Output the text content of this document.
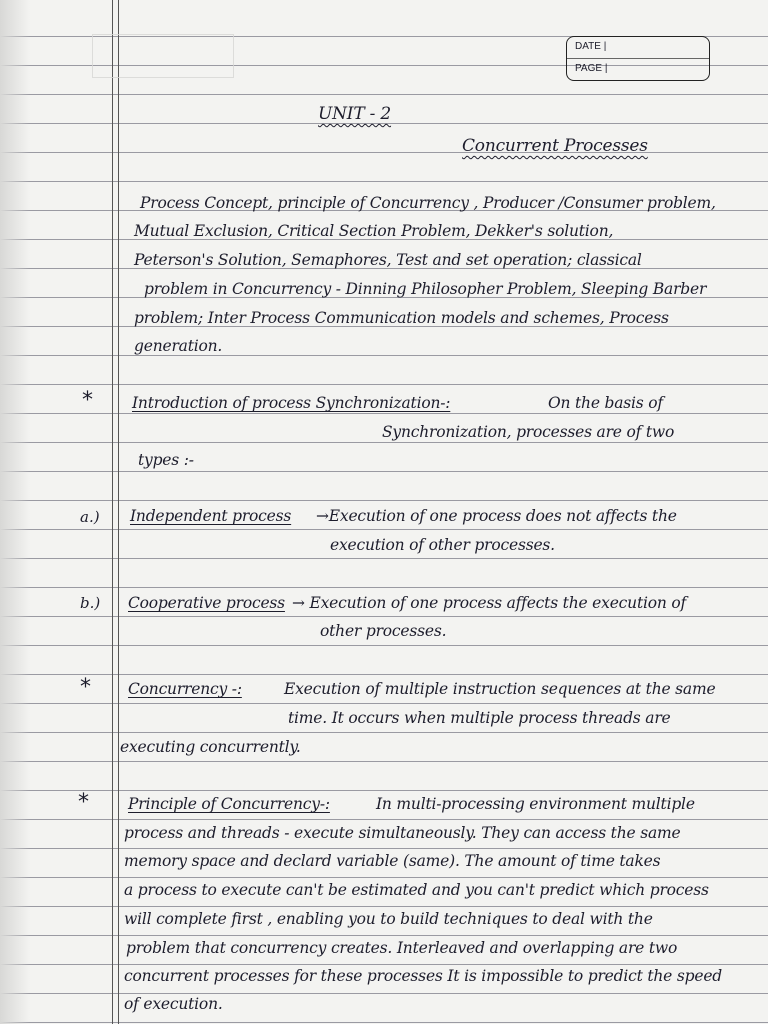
DATE |
PAGE |
UNIT - 2
Concurrent Processes
Process Concept, principle of Concurrency , Producer /Consumer problem,
Mutual Exclusion, Critical Section Problem, Dekker's solution,
Peterson's Solution, Semaphores, Test and set operation; classical
problem in Concurrency - Dinning Philosopher Problem, Sleeping Barber
problem; Inter Process Communication models and schemes, Process
generation.
*	Introduction of process Synchronization-:	On the basis of
Synchronization, processes are of two
types :-
a.) Independent process →Execution of one process does not affects the
execution of other processes.
b.) Cooperative process → Execution of one process affects the execution of
other processes.
* Concurrency -:	Execution of multiple instruction sequences at the same
time. It occurs when multiple process threads are
executing concurrently.
*	Principle of Concurrency-:	In multi-processing environment multiple
process and threads - execute simultaneously. They can access the same
memory space and declard variable (same). The amount of time takes
a process to execute can't be estimated and you can't predict which process
will complete first , enabling you to build techniques to deal with the
problem that concurrency creates. Interleaved and overlapping are two
concurrent processes for these processes It is impossible to predict the speed
of execution.
